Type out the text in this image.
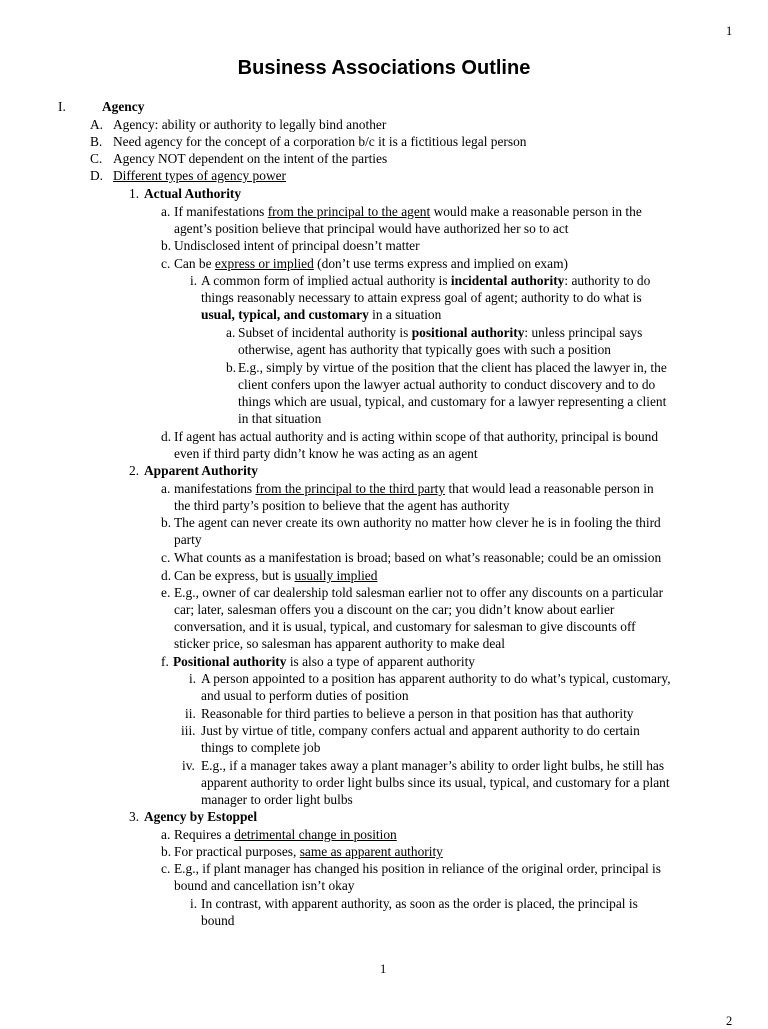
1
Business Associations Outline
I.	Agency
A. Agency: ability or authority to legally bind another
B. Need agency for the concept of a corporation b/c it is a fictitious legal person
C. Agency NOT dependent on the intent of the parties
D. Different types of agency power
1. Actual Authority
a. If manifestations from the principal to the agent would make a reasonable person in the
agent’s position believe that principal would have authorized her so to act
b. Undisclosed intent of principal doesn’t matter
c. Can be express or implied (don’t use terms express and implied on exam)
i. A common form of implied actual authority is incidental authority: authority to do
things reasonably necessary to attain express goal of agent; authority to do what is
usual, typical, and customary in a situation
a. Subset of incidental authority is positional authority: unless principal says
otherwise, agent has authority that typically goes with such a position
b. E.g., simply by virtue of the position that the client has placed the lawyer in, the
client confers upon the lawyer actual authority to conduct discovery and to do
things which are usual, typical, and customary for a lawyer representing a client
in that situation
d. If agent has actual authority and is acting within scope of that authority, principal is bound
even if third party didn’t know he was acting as an agent
2. Apparent Authority
a. manifestations from the principal to the third party that would lead a reasonable person in
the third party’s position to believe that the agent has authority
b. The agent can never create its own authority no matter how clever he is in fooling the third
party
c. What counts as a manifestation is broad; based on what’s reasonable; could be an omission
d. Can be express, but is usually implied
e. E.g., owner of car dealership told salesman earlier not to offer any discounts on a particular
car; later, salesman offers you a discount on the car; you didn’t know about earlier
conversation, and it is usual, typical, and customary for salesman to give discounts off
sticker price, so salesman has apparent authority to make deal
f. Positional authority is also a type of apparent authority
i. A person appointed to a position has apparent authority to do what’s typical, customary,
and usual to perform duties of position
ii. Reasonable for third parties to believe a person in that position has that authority
iii. Just by virtue of title, company confers actual and apparent authority to do certain
things to complete job
iv. E.g., if a manager takes away a plant manager’s ability to order light bulbs, he still has
apparent authority to order light bulbs since its usual, typical, and customary for a plant
manager to order light bulbs
3. Agency by Estoppel
a. Requires a detrimental change in position
b. For practical purposes, same as apparent authority
c. E.g., if plant manager has changed his position in reliance of the original order, principal is
bound and cancellation isn’t okay
i. In contrast, with apparent authority, as soon as the order is placed, the principal is
bound
1
2
